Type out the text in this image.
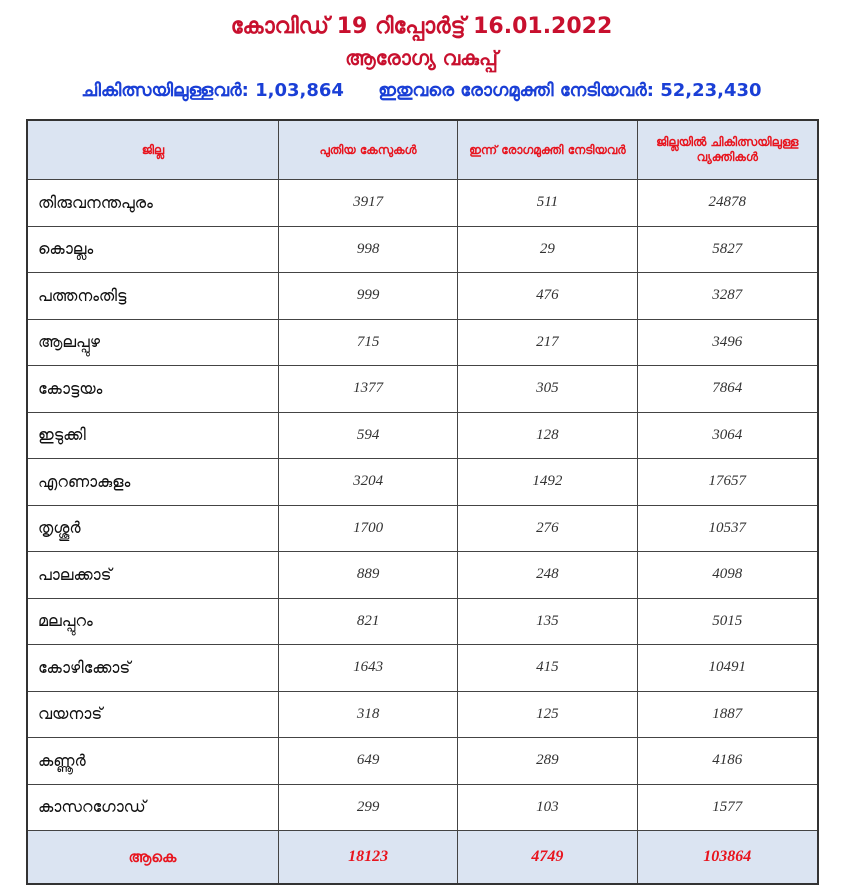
കോവിഡ് 19 റിപ്പോർട്ട് 16.01.2022
ആരോഗ്യ വകുപ്പ്
ചികിത്സയിലുള്ളവർ: 1,03,864 ഇതുവരെ രോഗമുക്തി നേടിയവർ: 52,23,430
ജില്ല	പുതിയ കേസുകൾ	ഇന്ന് രോഗമുക്തി നേടിയവർ	ജില്ലയിൽ ചികിത്സയിലുള്ള വ്യക്തികൾ
തിരുവനന്തപുരം	3917	511	24878
കൊല്ലം	998	29	5827
പത്തനംതിട്ട	999	476	3287
ആലപ്പുഴ	715	217	3496
കോട്ടയം	1377	305	7864
ഇടുക്കി	594	128	3064
എറണാകുളം	3204	1492	17657
തൃശ്ശൂർ	1700	276	10537
പാലക്കാട്	889	248	4098
മലപ്പുറം	821	135	5015
കോഴിക്കോട്	1643	415	10491
വയനാട്	318	125	1887
കണ്ണൂർ	649	289	4186
കാസറഗോഡ്	299	103	1577
ആകെ	18123	4749	103864
